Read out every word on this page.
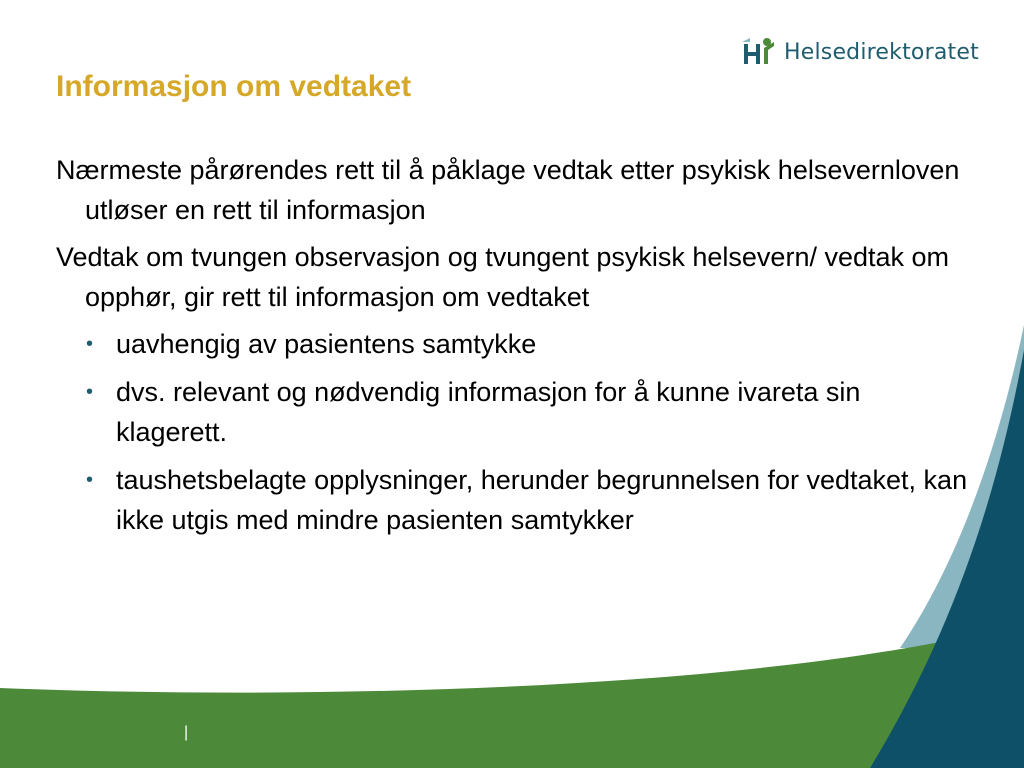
Helsedirektoratet
Informasjon om vedtaket

Nærmeste pårørendes rett til å påklage vedtak etter psykisk helsevernloven utløser en rett til informasjon

Vedtak om tvungen observasjon og tvungent psykisk helsevern/ vedtak om opphør, gir rett til informasjon om vedtaket

• uavhengig av pasientens samtykke
• dvs. relevant og nødvendig informasjon for å kunne ivareta sin klagerett.
• taushetsbelagte opplysninger, herunder begrunnelsen for vedtaket, kan ikke utgis med mindre pasienten samtykker
|
